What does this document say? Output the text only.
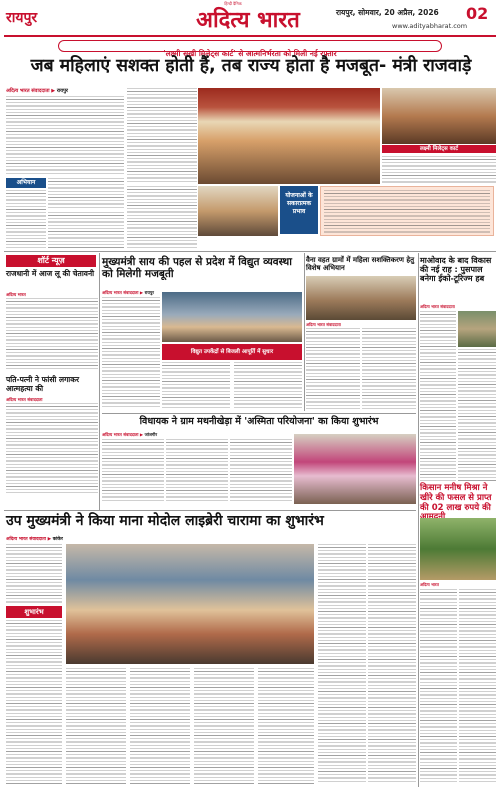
रायपुर
हिन्दी दैनिक
अदित्य भारत	रायपुर, सोमवार, 20 अप्रैल, 2026 02
www.adityabharat.com
'लक्ष्मी सखी मिलेट्स कार्ट' से आत्मनिर्भरता को मिली नई रफ्तार
जब महिलाएं सशक्त होती हैं, तब राज्य होता है मजबूत- मंत्री राजवाड़े
अदित्य भारत संवाददाता ▶ रायपुर
अभियान
योजनाओं के सकारात्मक प्रभाव
लक्ष्मी मिलेट्स कार्ट
शॉर्ट न्यूज़
राजधानी में आज लू की चेतावनी
अदित्य भारत
पति-पत्नी ने फांसी लगाकर आत्महत्या की
अदित्य भारत संवाददाता
मुख्यमंत्री साय की पहल से प्रदेश में विद्युत व्यवस्था को मिलेगी मजबूती
अदित्य भारत संवाददाता ▶ रायपुर
विद्युत उपकेंद्रों से बिजली आपूर्ति में सुधार
वैना वहत ग्रामों में महिला सशक्तिकरण हेतु विशेष अभियान
अदित्य भारत संवाददाता
माओवाद के बाद विकास की नई राह : पुसपाल बनेगा ईको-टूरिज्म हब
अदित्य भारत संवाददाता
विधायक ने ग्राम मथनीखेड़ा में 'अस्मिता परियोजना' का किया शुभारंभ
अदित्य भारत संवाददाता ▶ जांजगीर
किसान मनीष मिश्रा ने खीरे की फसल से प्राप्त की 02 लाख रुपये की
उप मुख्यमंत्री ने किया माना मोदोल लाइब्रेरी चारामा का शुभारंभ
अदित्य भारत संवाददाता ▶ कांकेर
शुभारंभ
अदित्य भारत
